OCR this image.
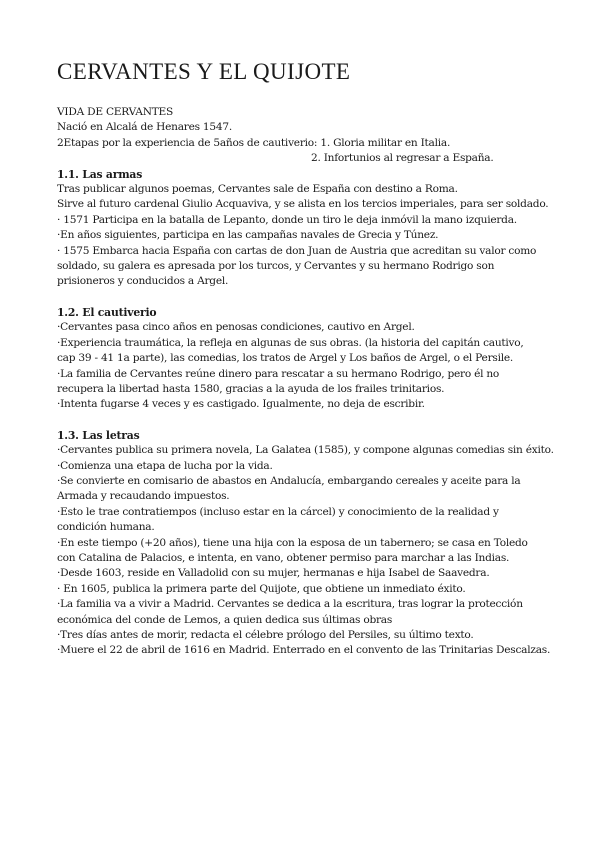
CERVANTES Y EL QUIJOTE
VIDA DE CERVANTES
Nació en Alcalá de Henares 1547.
2Etapas por la experiencia de 5años de cautiverio: 1. Gloria militar en Italia.
2. Infortunios al regresar a España.
1.1. Las armas
Tras publicar algunos poemas, Cervantes sale de España con destino a Roma.
Sirve al futuro cardenal Giulio Acquaviva, y se alista en los tercios imperiales, para ser soldado.
· 1571 Participa en la batalla de Lepanto, donde un tiro le deja inmóvil la mano izquierda.
·En años siguientes, participa en las campañas navales de Grecia y Túnez.
· 1575 Embarca hacia España con cartas de don Juan de Austria que acreditan su valor como soldado, su galera es apresada por los turcos, y Cervantes y su hermano Rodrigo son prisioneros y conducidos a Argel.
1.2. El cautiverio
·Cervantes pasa cinco años en penosas condiciones, cautivo en Argel.
·Experiencia traumática, la refleja en algunas de sus obras. (la historia del capitán cautivo, cap 39 - 41 1a parte), las comedias, los tratos de Argel y Los baños de Argel, o el Persile.
·La familia de Cervantes reúne dinero para rescatar a su hermano Rodrigo, pero él no recupera la libertad hasta 1580, gracias a la ayuda de los frailes trinitarios.
·Intenta fugarse 4 veces y es castigado. Igualmente, no deja de escribir.
1.3. Las letras
·Cervantes publica su primera novela, La Galatea (1585), y compone algunas comedias sin éxito.
·Comienza una etapa de lucha por la vida.
·Se convierte en comisario de abastos en Andalucía, embargando cereales y aceite para la Armada y recaudando impuestos.
·Esto le trae contratiempos (incluso estar en la cárcel) y conocimiento de la realidad y condición humana.
·En este tiempo (+20 años), tiene una hija con la esposa de un tabernero; se casa en Toledo con Catalina de Palacios, e intenta, en vano, obtener permiso para marchar a las Indias.
·Desde 1603, reside en Valladolid con su mujer, hermanas e hija Isabel de Saavedra.
· En 1605, publica la primera parte del Quijote, que obtiene un inmediato éxito.
·La familia va a vivir a Madrid. Cervantes se dedica a la escritura, tras lograr la protección económica del conde de Lemos, a quien dedica sus últimas obras
·Tres días antes de morir, redacta el célebre prólogo del Persiles, su último texto.
·Muere el 22 de abril de 1616 en Madrid. Enterrado en el convento de las Trinitarias Descalzas.
